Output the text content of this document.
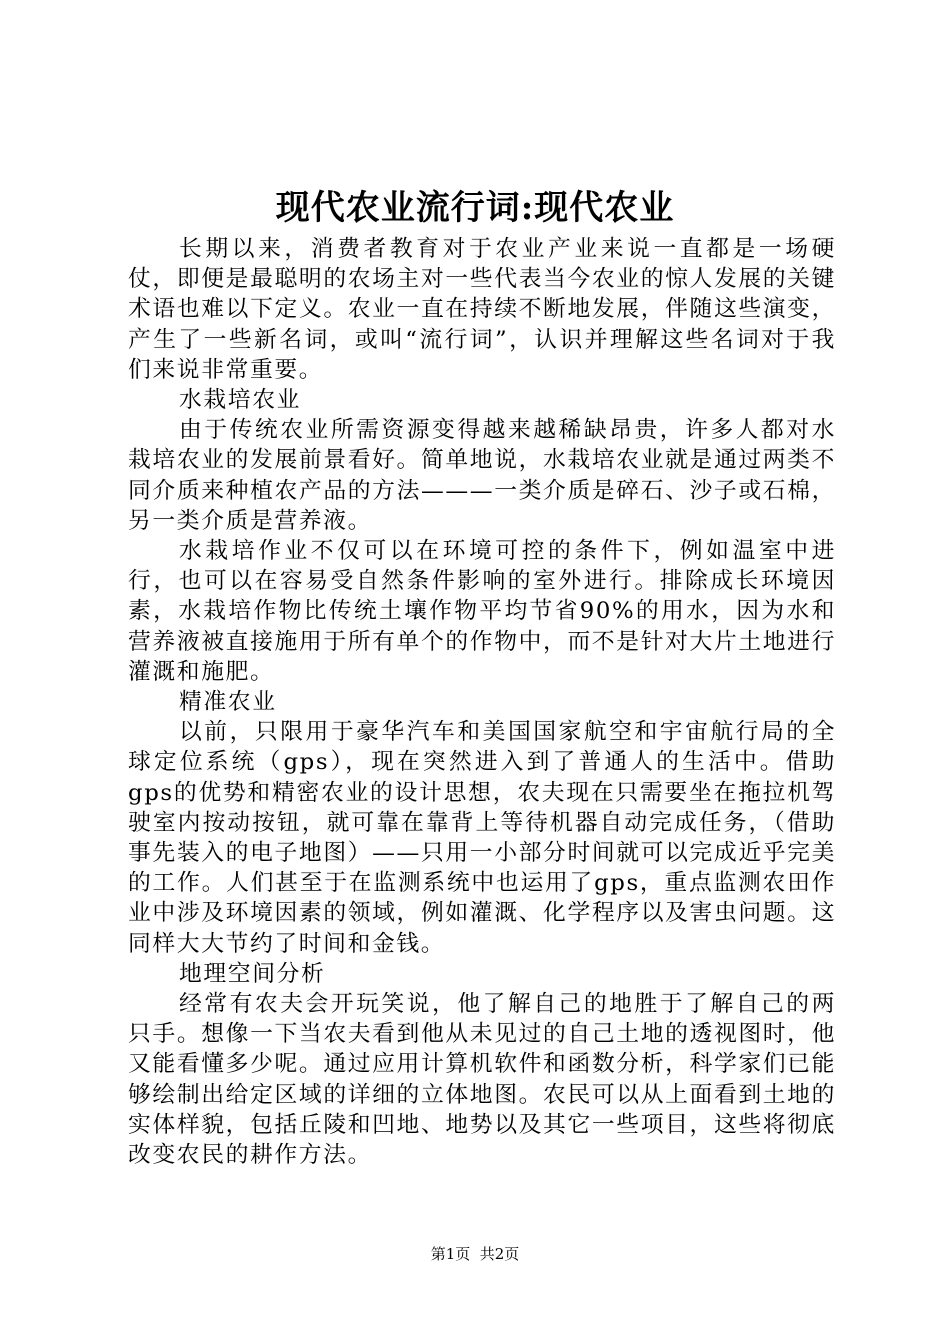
现代农业流行词:现代农业

长期以来，消费者教育对于农业产业来说一直都是一场硬仗，即便是最聪明的农场主对一些代表当今农业的惊人发展的关键术语也难以下定义。农业一直在持续不断地发展，伴随这些演变，产生了一些新名词，或叫“流行词”，认识并理解这些名词对于我们来说非常重要。

水栽培农业

由于传统农业所需资源变得越来越稀缺昂贵，许多人都对水栽培农业的发展前景看好。简单地说，水栽培农业就是通过两类不同介质来种植农产品的方法———一类介质是碎石、沙子或石棉，另一类介质是营养液。

水栽培作业不仅可以在环境可控的条件下，例如温室中进行，也可以在容易受自然条件影响的室外进行。排除成长环境因素，水栽培作物比传统土壤作物平均节省90%的用水，因为水和营养液被直接施用于所有单个的作物中，而不是针对大片土地进行灌溉和施肥。

精准农业

以前，只限用于豪华汽车和美国国家航空和宇宙航行局的全球定位系统（gps），现在突然进入到了普通人的生活中。借助gps的优势和精密农业的设计思想，农夫现在只需要坐在拖拉机驾驶室内按动按钮，就可靠在靠背上等待机器自动完成任务，（借助事先装入的电子地图）——只用一小部分时间就可以完成近乎完美的工作。人们甚至于在监测系统中也运用了gps，重点监测农田作业中涉及环境因素的领域，例如灌溉、化学程序以及害虫问题。这同样大大节约了时间和金钱。

地理空间分析

经常有农夫会开玩笑说，他了解自己的地胜于了解自己的两只手。想像一下当农夫看到他从未见过的自己土地的透视图时，他又能看懂多少呢。通过应用计算机软件和函数分析，科学家们已能够绘制出给定区域的详细的立体地图。农民可以从上面看到土地的实体样貌，包括丘陵和凹地、地势以及其它一些项目，这些将彻底改变农民的耕作方法。

第1页  共2页
